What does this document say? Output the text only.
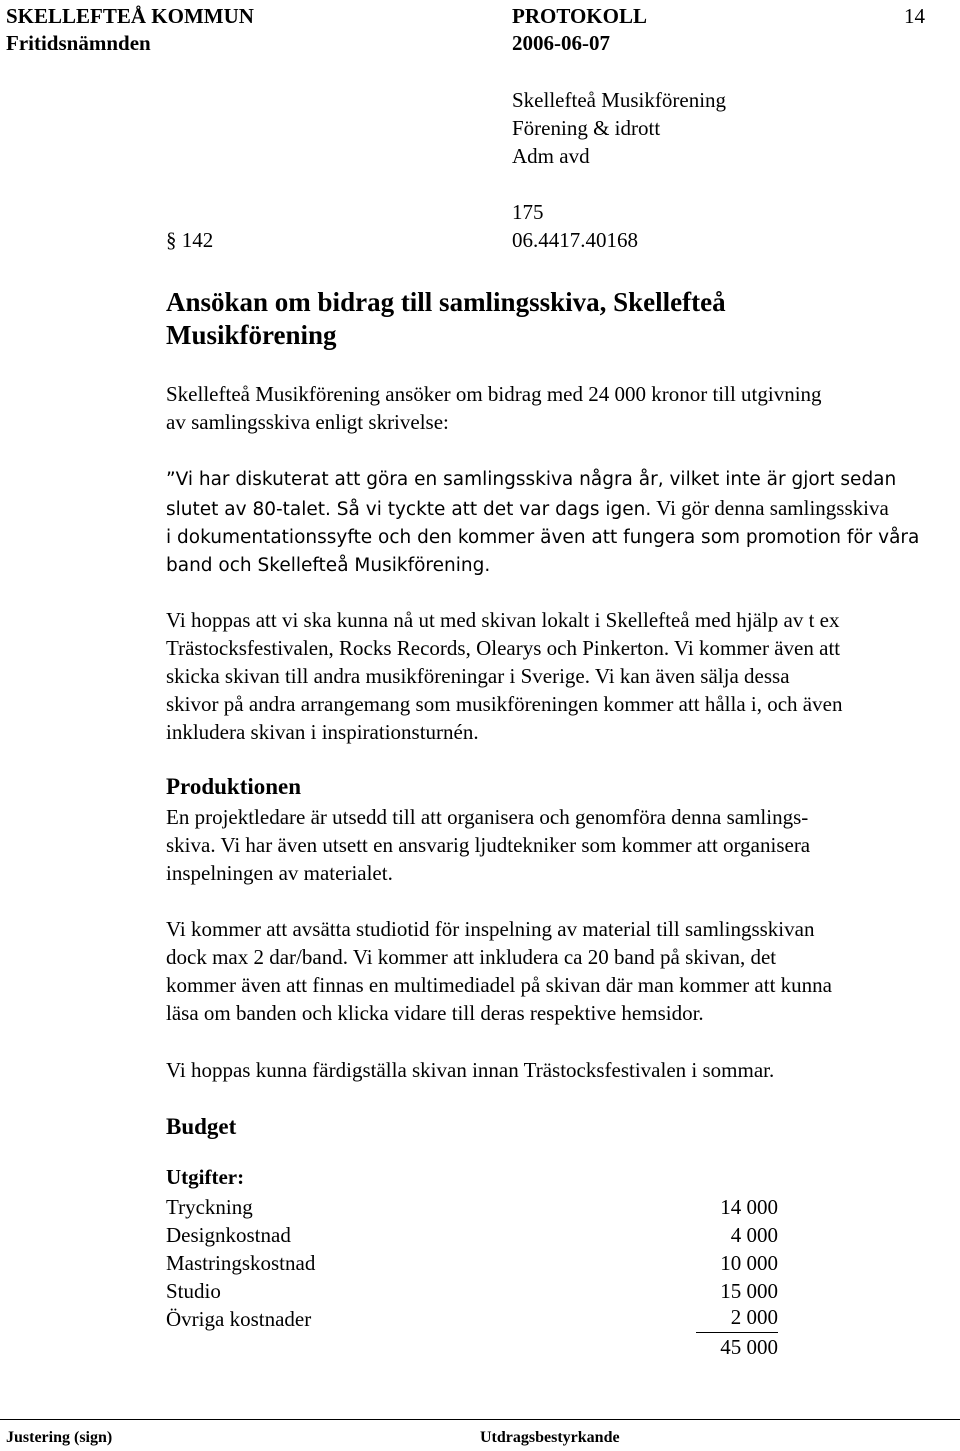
SKELLEFTEÅ KOMMUN	PROTOKOLL	14
Fritidsnämnden	2006-06-07
Skellefteå Musikförening
Förening & idrott
Adm avd
175
§ 142	06.4417.40168
Ansökan om bidrag till samlingsskiva, Skellefteå
Musikförening
Skellefteå Musikförening ansöker om bidrag med 24 000 kronor till utgivning
av samlingsskiva enligt skrivelse:
”Vi har diskuterat att göra en samlingsskiva några år, vilket inte är gjort sedan
slutet av 80-talet. Så vi tyckte att det var dags igen. Vi gör denna samlingsskiva
i dokumentationssyfte och den kommer även att fungera som promotion för våra
band och Skellefteå Musikförening.
Vi hoppas att vi ska kunna nå ut med skivan lokalt i Skellefteå med hjälp av t ex
Trästocksfestivalen, Rocks Records, Olearys och Pinkerton. Vi kommer även att
skicka skivan till andra musikföreningar i Sverige. Vi kan även sälja dessa
skivor på andra arrangemang som musikföreningen kommer att hålla i, och även
inkludera skivan i inspirationsturnén.
Produktionen
En projektledare är utsedd till att organisera och genomföra denna samlings-
skiva. Vi har även utsett en ansvarig ljudtekniker som kommer att organisera
inspelningen av materialet.
Vi kommer att avsätta studiotid för inspelning av material till samlingsskivan
dock max 2 dar/band. Vi kommer att inkludera ca 20 band på skivan, det
kommer även att finnas en multimediadel på skivan där man kommer att kunna
läsa om banden och klicka vidare till deras respektive hemsidor.
Vi hoppas kunna färdigställa skivan innan Trästocksfestivalen i sommar.
Budget
Utgifter:
Tryckning	14 000
Designkostnad	4 000
Mastringskostnad	10 000
Studio	15 000
Övriga kostnader	2 000
45 000
Justering (sign)	Utdragsbestyrkande
